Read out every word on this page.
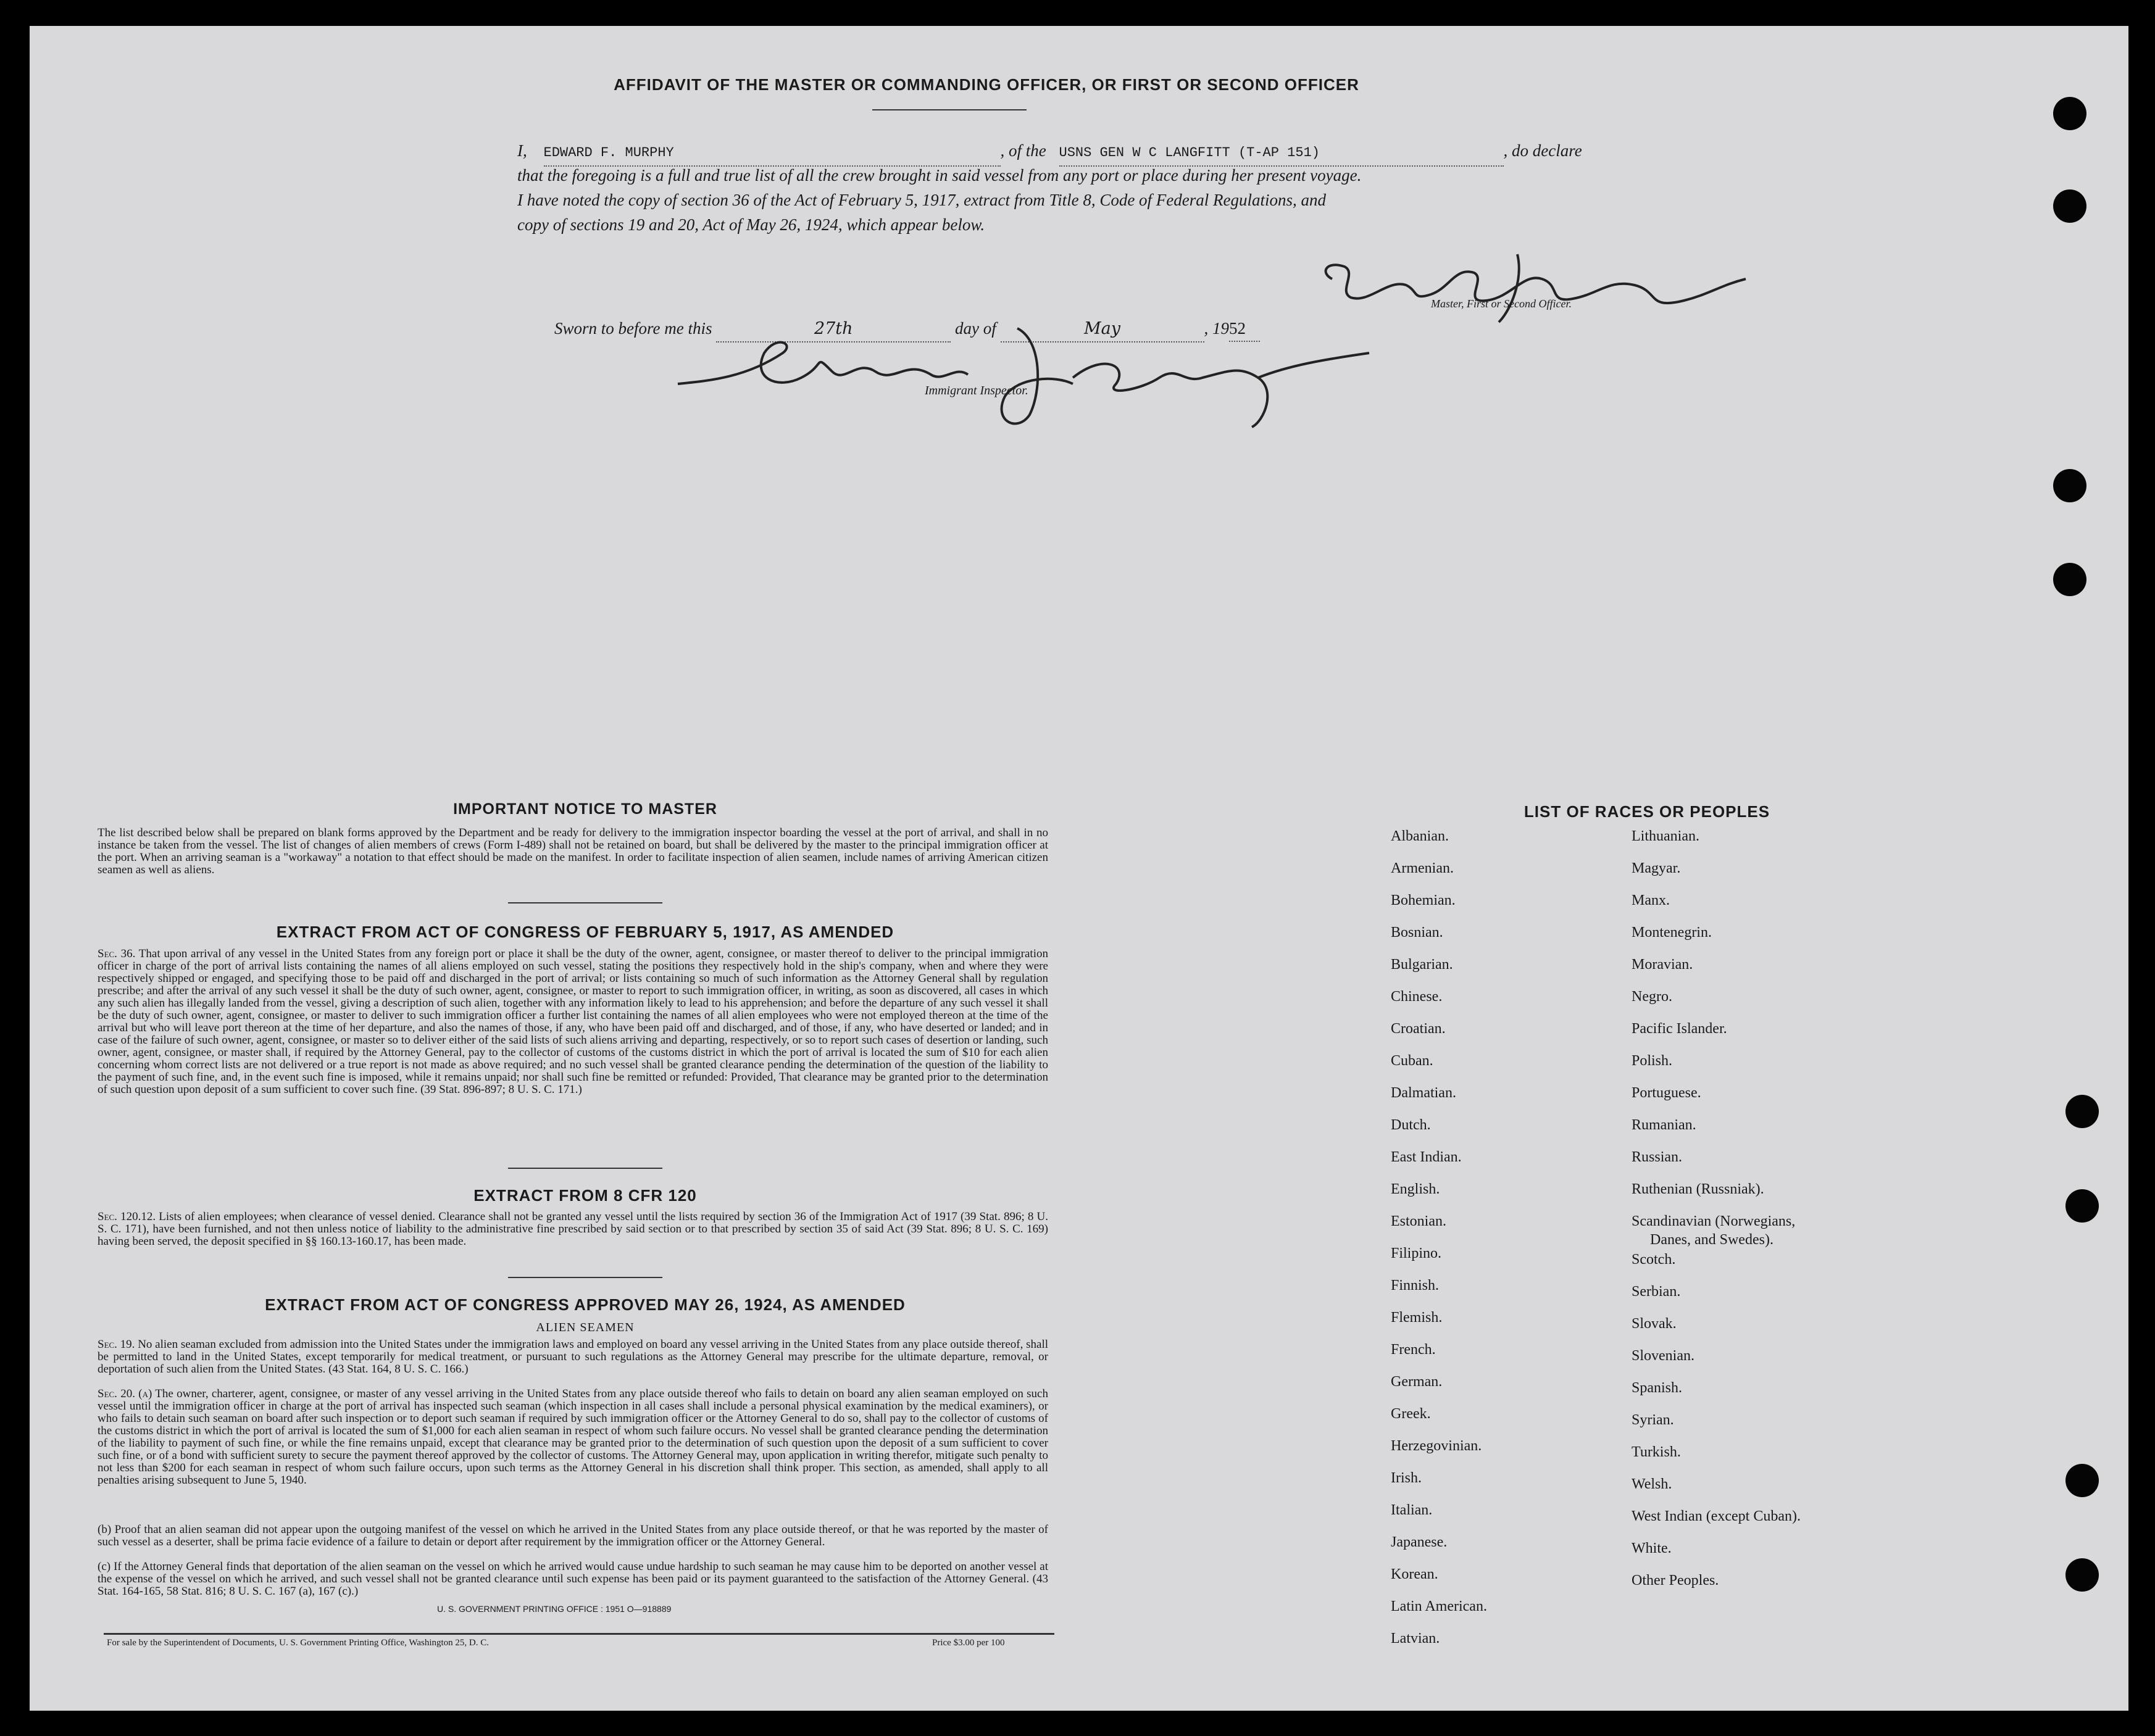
AFFIDAVIT OF THE MASTER OR COMMANDING OFFICER, OR FIRST OR SECOND OFFICER
I, EDWARD F. MURPHY	, of the USNS GEN W C LANGFITT (T-AP 151)	, do declare
that the foregoing is a full and true list of all the crew brought in said vessel from any port or place during her present voyage.
I have noted the copy of section 36 of the Act of February 5, 1917, extract from Title 8, Code of Federal Regulations, and
copy of sections 19 and 20, Act of May 26, 1924, which appear below.
Master, First or Second Officer.
Sworn to before me this	27th	day of	May	, 1952
Immigrant Inspector.
IMPORTANT NOTICE TO MASTER
The list described below shall be prepared on blank forms approved by the Department and be ready for delivery to the immigration inspector boarding the vessel at the port of arrival, and shall in no instance be taken from the vessel. The list of changes of alien members of crews (Form I-489) shall not be retained on board, but shall be delivered by the master to the principal immigration officer at the port. When an arriving seaman is a "workaway" a notation to that effect should be made on the manifest. In order to facilitate inspection of alien seamen, include names of arriving American citizen seamen as well as aliens.
EXTRACT FROM ACT OF CONGRESS OF FEBRUARY 5, 1917, AS AMENDED
Sec. 36. That upon arrival of any vessel in the United States from any foreign port or place it shall be the duty of the owner, agent, consignee, or master thereof to deliver to the principal immigration officer in charge of the port of arrival lists containing the names of all aliens employed on such vessel, stating the positions they respectively hold in the ship's company, when and where they were respectively shipped or engaged, and specifying those to be paid off and discharged in the port of arrival; or lists containing so much of such information as the Attorney General shall by regulation prescribe; and after the arrival of any such vessel it shall be the duty of such owner, agent, consignee, or master to report to such immigration officer, in writing, as soon as discovered, all cases in which any such alien has illegally landed from the vessel, giving a description of such alien, together with any information likely to lead to his apprehension; and before the departure of any such vessel it shall be the duty of such owner, agent, consignee, or master to deliver to such immigration officer a further list containing the names of all alien employees who were not employed thereon at the time of the arrival but who will leave port thereon at the time of her departure, and also the names of those, if any, who have been paid off and discharged, and of those, if any, who have deserted or landed; and in case of the failure of such owner, agent, consignee, or master so to deliver either of the said lists of such aliens arriving and departing, respectively, or so to report such cases of desertion or landing, such owner, agent, consignee, or master shall, if required by the Attorney General, pay to the collector of customs of the customs district in which the port of arrival is located the sum of $10 for each alien concerning whom correct lists are not delivered or a true report is not made as above required; and no such vessel shall be granted clearance pending the determination of the question of the liability to the payment of such fine, and, in the event such fine is imposed, while it remains unpaid; nor shall such fine be remitted or refunded: Provided, That clearance may be granted prior to the determination of such question upon deposit of a sum sufficient to cover such fine. (39 Stat. 896-897; 8 U. S. C. 171.)
EXTRACT FROM 8 CFR 120
Sec. 120.12. Lists of alien employees; when clearance of vessel denied. Clearance shall not be granted any vessel until the lists required by section 36 of the Immigration Act of 1917 (39 Stat. 896; 8 U. S. C. 171), have been furnished, and not then unless notice of liability to the administrative fine prescribed by said section or to that prescribed by section 35 of said Act (39 Stat. 896; 8 U. S. C. 169) having been served, the deposit specified in §§ 160.13-160.17, has been made.
EXTRACT FROM ACT OF CONGRESS APPROVED MAY 26, 1924, AS AMENDED
ALIEN SEAMEN
Sec. 19. No alien seaman excluded from admission into the United States under the immigration laws and employed on board any vessel arriving in the United States from any place outside thereof, shall be permitted to land in the United States, except temporarily for medical treatment, or pursuant to such regulations as the Attorney General may prescribe for the ultimate departure, removal, or deportation of such alien from the United States. (43 Stat. 164, 8 U. S. C. 166.)
Sec. 20. (a) The owner, charterer, agent, consignee, or master of any vessel arriving in the United States from any place outside thereof who fails to detain on board any alien seaman employed on such vessel until the immigration officer in charge at the port of arrival has inspected such seaman (which inspection in all cases shall include a personal physical examination by the medical examiners), or who fails to detain such seaman on board after such inspection or to deport such seaman if required by such immigration officer or the Attorney General to do so, shall pay to the collector of customs of the customs district in which the port of arrival is located the sum of $1,000 for each alien seaman in respect of whom such failure occurs. No vessel shall be granted clearance pending the determination of the liability to payment of such fine, or while the fine remains unpaid, except that clearance may be granted prior to the determination of such question upon the deposit of a sum sufficient to cover such fine, or of a bond with sufficient surety to secure the payment thereof approved by the collector of customs. The Attorney General may, upon application in writing therefor, mitigate such penalty to not less than $200 for each seaman in respect of whom such failure occurs, upon such terms as the Attorney General in his discretion shall think proper. This section, as amended, shall apply to all penalties arising subsequent to June 5, 1940.
(b) Proof that an alien seaman did not appear upon the outgoing manifest of the vessel on which he arrived in the United States from any place outside thereof, or that he was reported by the master of such vessel as a deserter, shall be prima facie evidence of a failure to detain or deport after requirement by the immigration officer or the Attorney General.
(c) If the Attorney General finds that deportation of the alien seaman on the vessel on which he arrived would cause undue hardship to such seaman he may cause him to be deported on another vessel at the expense of the vessel on which he arrived, and such vessel shall not be granted clearance until such expense has been paid or its payment guaranteed to the satisfaction of the Attorney General. (43 Stat. 164-165, 58 Stat. 816; 8 U. S. C. 167 (a), 167 (c).)
U. S. GOVERNMENT PRINTING OFFICE : 1951 O—918889
For sale by the Superintendent of Documents, U. S. Government Printing Office, Washington 25, D. C.	Price $3.00 per 100
LIST OF RACES OR PEOPLES
Albanian.
Armenian.
Bohemian.
Bosnian.
Bulgarian.
Chinese.
Croatian.
Cuban.
Dalmatian.
Dutch.
East Indian.
English.
Estonian.
Filipino.
Finnish.
Flemish.
French.
German.
Greek.
Herzegovinian.
Irish.
Italian.
Japanese.
Korean.
Latin American.
Latvian.
Lithuanian.
Magyar.
Manx.
Montenegrin.
Moravian.
Negro.
Pacific Islander.
Polish.
Portuguese.
Rumanian.
Russian.
Ruthenian (Russniak).
Scandinavian (Norwegians,
Danes, and Swedes).
Scotch.
Serbian.
Slovak.
Slovenian.
Spanish.
Syrian.
Turkish.
Welsh.
West Indian (except Cuban).
White.
Other Peoples.
